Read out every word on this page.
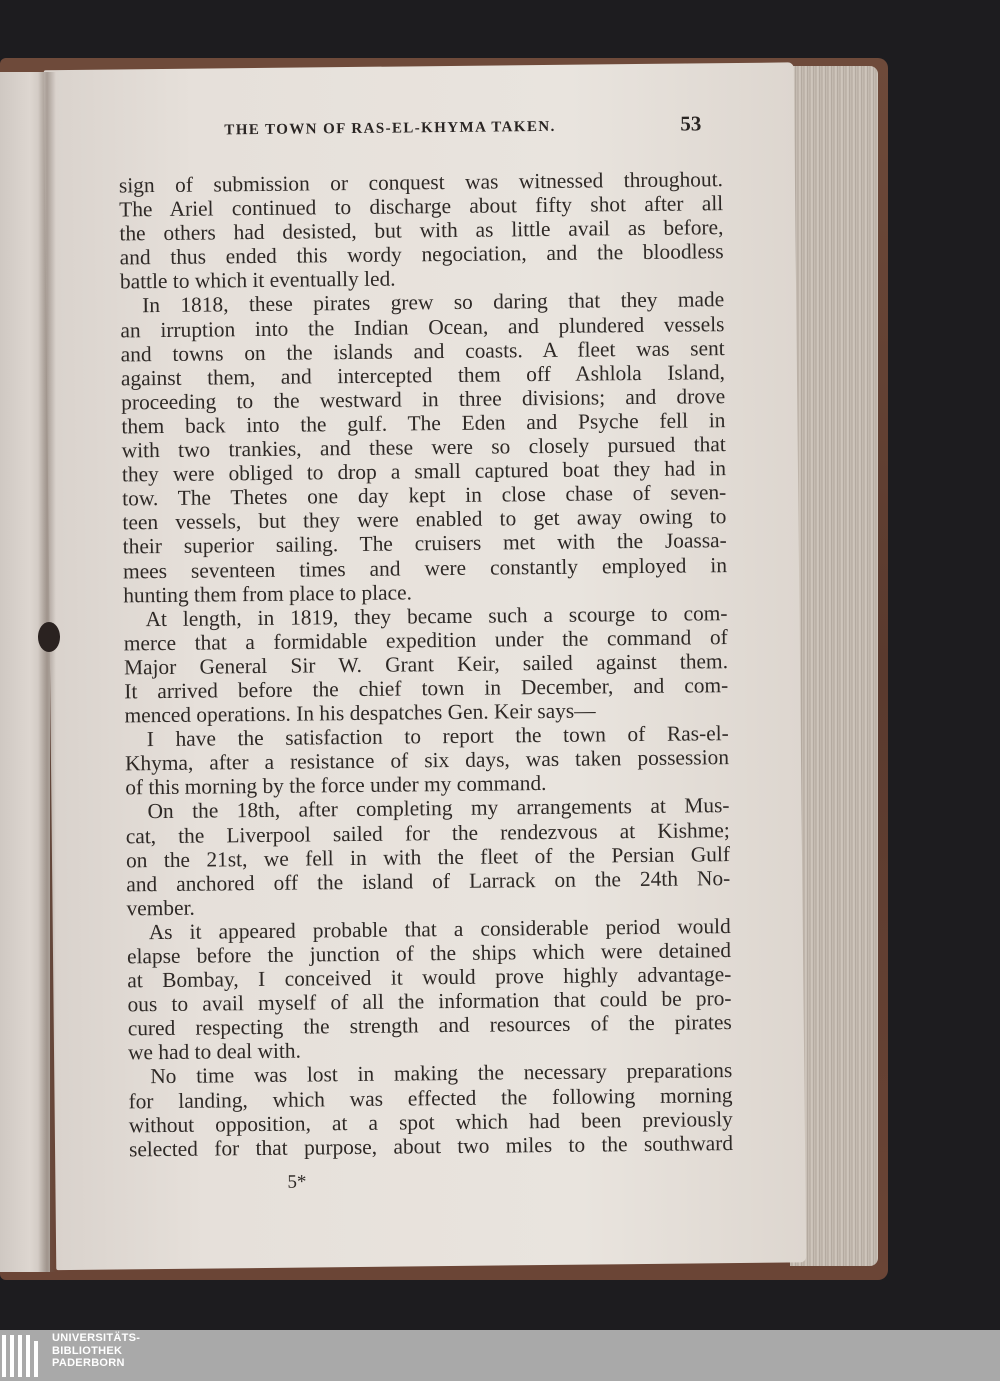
THE TOWN OF RAS-EL-KHYMA TAKEN.	53
sign of submission or conquest was witnessed throughout.
The Ariel continued to discharge about fifty shot after all
the others had desisted, but with as little avail as before,
and thus ended this wordy negociation, and the bloodless
battle to which it eventually led.
In 1818, these pirates grew so daring that they made
an irruption into the Indian Ocean, and plundered vessels
and towns on the islands and coasts. A fleet was sent
against them, and intercepted them off Ashlola Island,
proceeding to the westward in three divisions; and drove
them back into the gulf. The Eden and Psyche fell in
with two trankies, and these were so closely pursued that
they were obliged to drop a small captured boat they had in
tow. The Thetes one day kept in close chase of seven-
teen vessels, but they were enabled to get away owing to
their superior sailing. The cruisers met with the Joassa-
mees seventeen times and were constantly employed in
hunting them from place to place.
At length, in 1819, they became such a scourge to com-
merce that a formidable expedition under the command of
Major General Sir W. Grant Keir, sailed against them.
It arrived before the chief town in December, and com-
menced operations. In his despatches Gen. Keir says—
I have the satisfaction to report the town of Ras-el-
Khyma, after a resistance of six days, was taken possession
of this morning by the force under my command.
On the 18th, after completing my arrangements at Mus-
cat, the Liverpool sailed for the rendezvous at Kishme;
on the 21st, we fell in with the fleet of the Persian Gulf
and anchored off the island of Larrack on the 24th No-
vember.
As it appeared probable that a considerable period would
elapse before the junction of the ships which were detained
at Bombay, I conceived it would prove highly advantage-
ous to avail myself of all the information that could be pro-
cured respecting the strength and resources of the pirates
we had to deal with.
No time was lost in making the necessary preparations
for landing, which was effected the following morning
without opposition, at a spot which had been previously
selected for that purpose, about two miles to the southward
5*
UNIVERSITÄTS-
BIBLIOTHEK
PADERBORN
